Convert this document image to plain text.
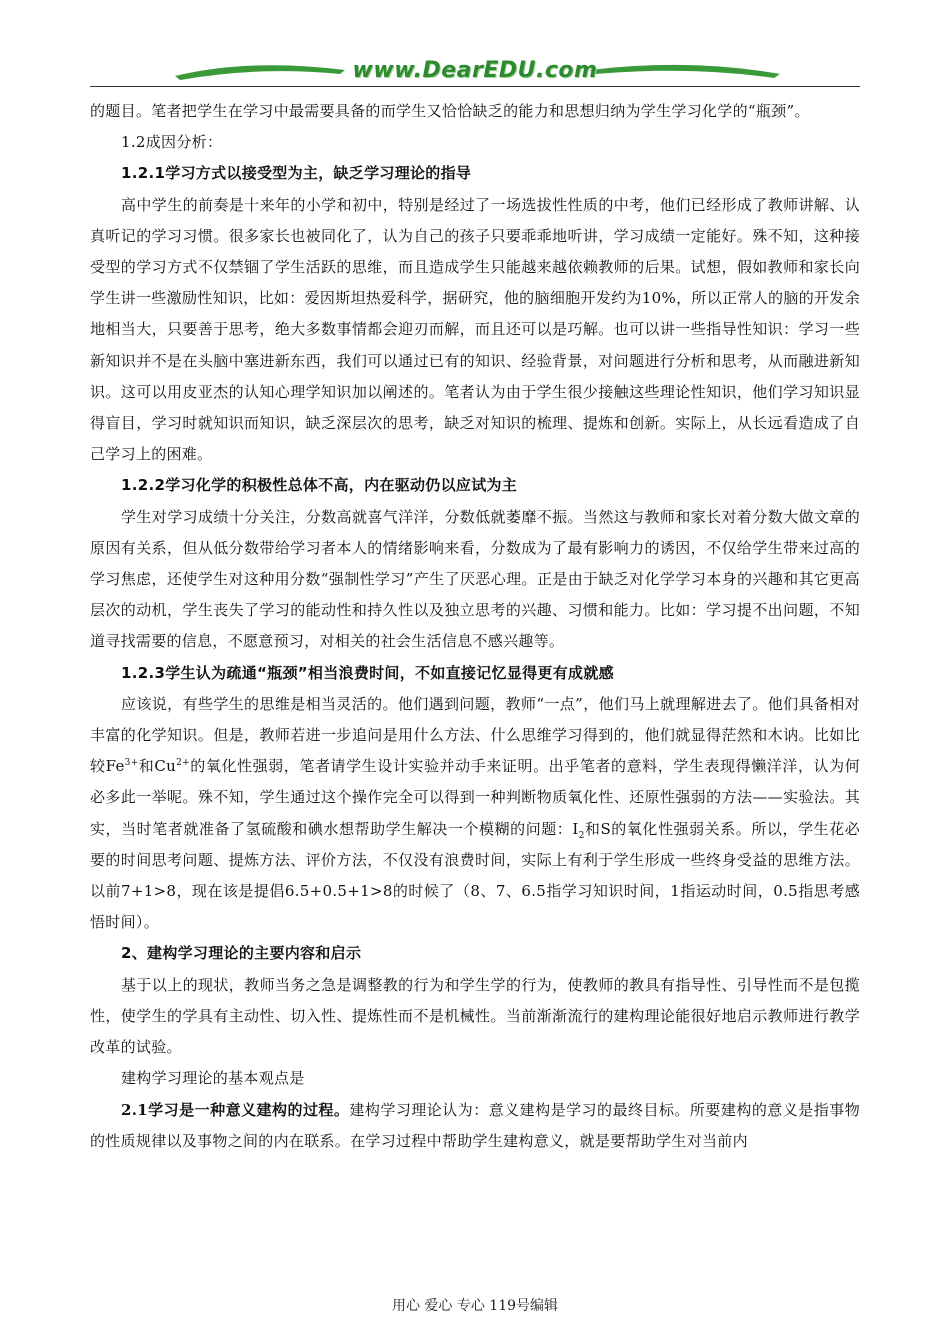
www.DearEDU.com

的题目。笔者把学生在学习中最需要具备的而学生又恰恰缺乏的能力和思想归纳为学生学习化学的“瓶颈”。

1.2成因分析：

1.2.1学习方式以接受型为主，缺乏学习理论的指导

高中学生的前奏是十来年的小学和初中，特别是经过了一场选拔性性质的中考，他们已经形成了教师讲解、认真听记的学习习惯。很多家长也被同化了，认为自己的孩子只要乖乖地听讲，学习成绩一定能好。殊不知，这种接受型的学习方式不仅禁锢了学生活跃的思维，而且造成学生只能越来越依赖教师的后果。试想，假如教师和家长向学生讲一些激励性知识，比如：爱因斯坦热爱科学，据研究，他的脑细胞开发约为10%，所以正常人的脑的开发余地相当大，只要善于思考，绝大多数事情都会迎刃而解，而且还可以是巧解。也可以讲一些指导性知识：学习一些新知识并不是在头脑中塞进新东西，我们可以通过已有的知识、经验背景，对问题进行分析和思考，从而融进新知识。这可以用皮亚杰的认知心理学知识加以阐述的。笔者认为由于学生很少接触这些理论性知识，他们学习知识显得盲目，学习时就知识而知识，缺乏深层次的思考，缺乏对知识的梳理、提炼和创新。实际上，从长远看造成了自己学习上的困难。

1.2.2学习化学的积极性总体不高，内在驱动仍以应试为主

学生对学习成绩十分关注，分数高就喜气洋洋，分数低就萎靡不振。当然这与教师和家长对着分数大做文章的原因有关系，但从低分数带给学习者本人的情绪影响来看，分数成为了最有影响力的诱因，不仅给学生带来过高的学习焦虑，还使学生对这种用分数“强制性学习”产生了厌恶心理。正是由于缺乏对化学学习本身的兴趣和其它更高层次的动机，学生丧失了学习的能动性和持久性以及独立思考的兴趣、习惯和能力。比如：学习提不出问题，不知道寻找需要的信息，不愿意预习，对相关的社会生活信息不感兴趣等。

1.2.3学生认为疏通“瓶颈”相当浪费时间，不如直接记忆显得更有成就感

应该说，有些学生的思维是相当灵活的。他们遇到问题，教师“一点”，他们马上就理解进去了。他们具备相对丰富的化学知识。但是，教师若进一步追问是用什么方法、什么思维学习得到的，他们就显得茫然和木讷。比如比较$Fe^{3+}$和$Cu^{2+}$的氧化性强弱，笔者请学生设计实验并动手来证明。出乎笔者的意料，学生表现得懒洋洋，认为何必多此一举呢。殊不知，学生通过这个操作完全可以得到一种判断物质氧化性、还原性强弱的方法——实验法。其实，当时笔者就准备了氢硫酸和碘水想帮助学生解决一个模糊的问题：$I_2$和S的氧化性强弱关系。所以，学生花必要的时间思考问题、提炼方法、评价方法，不仅没有浪费时间，实际上有利于学生形成一些终身受益的思维方法。以前7+1>8，现在该是提倡6.5+0.5+1>8的时候了（8、7、6.5指学习知识时间，1指运动时间，0.5指思考感悟时间）。

2、建构学习理论的主要内容和启示

基于以上的现状，教师当务之急是调整教的行为和学生学的行为，使教师的教具有指导性、引导性而不是包揽性，使学生的学具有主动性、切入性、提炼性而不是机械性。当前渐渐流行的建构理论能很好地启示教师进行教学改革的试验。

建构学习理论的基本观点是

2.1学习是一种意义建构的过程。建构学习理论认为：意义建构是学习的最终目标。所要建构的意义是指事物的性质规律以及事物之间的内在联系。在学习过程中帮助学生建构意义，就是要帮助学生对当前内

用心 爱心 专心 119号编辑
